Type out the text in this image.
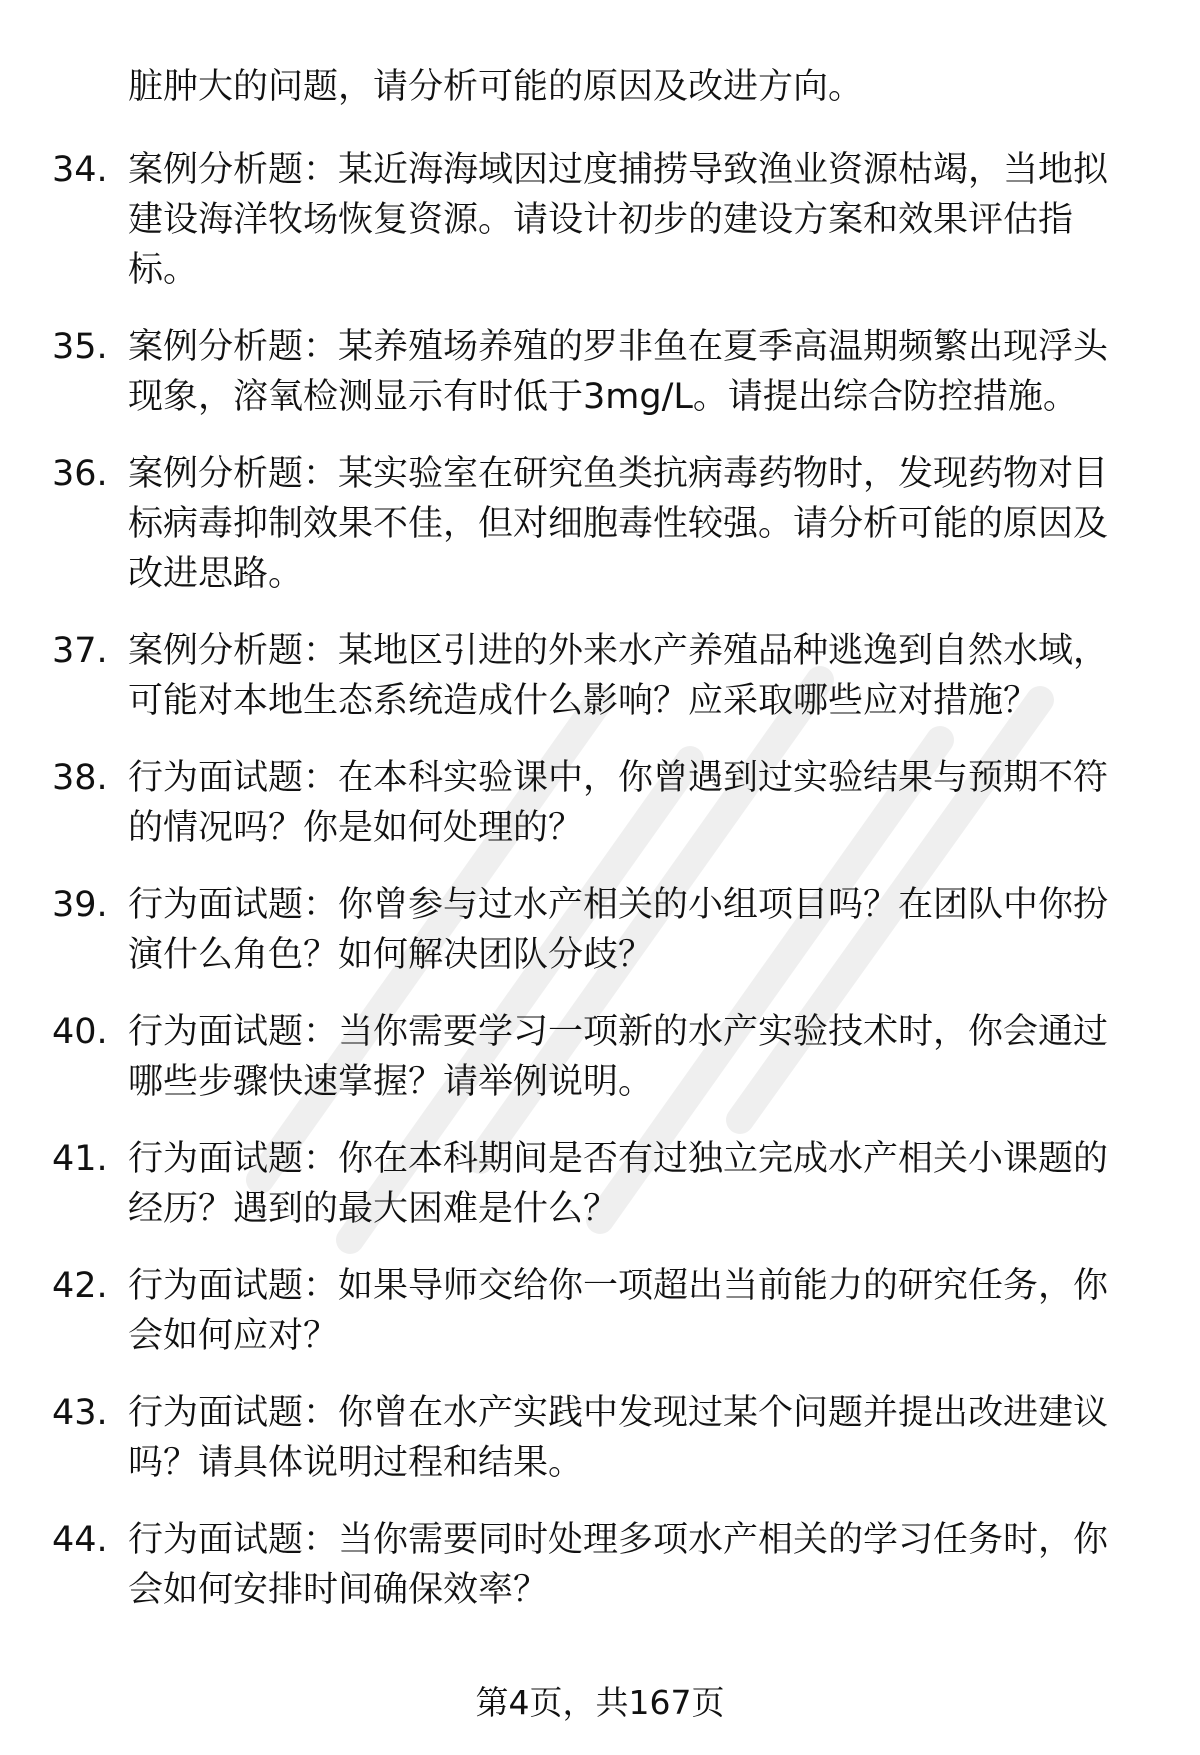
脏肿大的问题，请分析可能的原因及改进方向。
34. 案例分析题：某近海海域因过度捕捞导致渔业资源枯竭，当地拟建设海洋牧场恢复资源。请设计初步的建设方案和效果评估指标。
35. 案例分析题：某养殖场养殖的罗非鱼在夏季高温期频繁出现浮头现象，溶氧检测显示有时低于3mg/L。请提出综合防控措施。
36. 案例分析题：某实验室在研究鱼类抗病毒药物时，发现药物对目标病毒抑制效果不佳，但对细胞毒性较强。请分析可能的原因及改进思路。
37. 案例分析题：某地区引进的外来水产养殖品种逃逸到自然水域，可能对本地生态系统造成什么影响？应采取哪些应对措施？
38. 行为面试题：在本科实验课中，你曾遇到过实验结果与预期不符的情况吗？你是如何处理的？
39. 行为面试题：你曾参与过水产相关的小组项目吗？在团队中你扮演什么角色？如何解决团队分歧？
40. 行为面试题：当你需要学习一项新的水产实验技术时，你会通过哪些步骤快速掌握？请举例说明。
41. 行为面试题：你在本科期间是否有过独立完成水产相关小课题的经历？遇到的最大困难是什么？
42. 行为面试题：如果导师交给你一项超出当前能力的研究任务，你会如何应对？
43. 行为面试题：你曾在水产实践中发现过某个问题并提出改进建议吗？请具体说明过程和结果。
44. 行为面试题：当你需要同时处理多项水产相关的学习任务时，你会如何安排时间确保效率？
第4页，共167页
